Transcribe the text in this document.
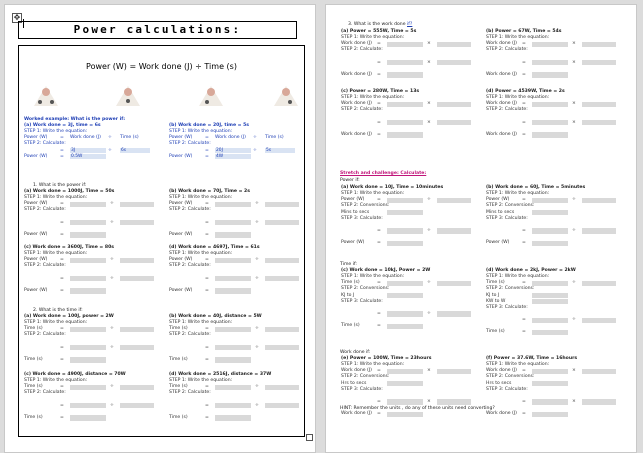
✥
Power calculations:
Power (W) = Work done (J) ÷ Time (s)
Worked example: What is the power if:
(a) Work done = 3J, time = 6s
STEP 1: Write the equation:
Power (W)	= Work done (J) ÷ Time (s)
STEP 2: Calculate:
= 3J	÷ 6s
Power (W)	= 0.5W
(b) Work done = 20J, time = 5s
STEP 1: Write the equation:
Power (W)	= Work done (J) ÷ Time (s)
STEP 2: Calculate:
= 20J	÷ 5s
Power (W)	= 4W
1. What is the power if:
2. What is the time if:
(a) Work done = 1000J, Time = 50s
STEP 1: Write the equation:
Power (W)	=	÷
STEP 2: Calculate:
=	÷
Power (W)	=
(b) Work done = 70J, Time = 2s
STEP 1: Write the equation:
Power (W)	=	÷
STEP 2: Calculate:
=	÷
Power (W)	=
(c) Work done = 3600J, Time = 80s
STEP 1: Write the equation:
Power (W)	=	÷
STEP 2: Calculate:
=	÷
Power (W)	=
(d) Work done = 4697J, Time = 61s
STEP 1: Write the equation:
Power (W)	=	÷
STEP 2: Calculate:
=	÷
Power (W)	=
(a) Work done = 100J, power = 2W
STEP 1: Write the equation:
Time (s)	=	÷
STEP 2: Calculate:
=	÷
Time (s)	=
(b) Work done = 40J, distance = 5W
STEP 1: Write the equation:
Time (s)	=	÷
STEP 2: Calculate:
=	÷
Time (s)	=
(c) Work done = 4900J, distance = 70W
STEP 1: Write the equation:
Time (s)	=	÷
STEP 2: Calculate:
=	÷
Time (s)	=
(d) Work done = 2516J, distance = 37W
STEP 1: Write the equation:
Time (s)	=	÷
STEP 2: Calculate:
=	÷
Time (s)	=
3. What is the work done if?
(a) Power = 555W, Time = 5s
STEP 1: Write the equation:
Work done (J) =	×
STEP 2: Calculate:
=	×
Work done (J) =
(b) Power = 67W, Time = 54s
STEP 1: Write the equation:
Work done (J) =	×
STEP 2: Calculate:
=	×
Work done (J) =
(c) Power = 280W, Time = 13s
STEP 1: Write the equation:
Work done (J) =	×
STEP 2: Calculate:
=	×
Work done (J) =
(d) Power = 4539W, Time = 2s
STEP 1: Write the equation:
Work done (J) =	×
STEP 2: Calculate:
=	×
Work done (J) =
Stretch and challenge: Calculate:
Power if:
(a) Work done = 10J, Time = 10minutes
STEP 1: Write the equation:
Power (W)	=	÷
STEP 2: Conversions:
Mins to secs
STEP 3: Calculate:
=	÷
Power (W)	=
(b) Work done = 60J, Time = 5minutes
STEP 1: Write the equation:
Power (W)	=	÷
STEP 2: Conversions:
Mins to secs
STEP 3: Calculate:
=	÷
Power (W)	=
Time if:
(c) Work done = 10kJ, Power = 2W
STEP 1: Write the equation:
Time (s)	=	÷
STEP 2: Conversions:
KJ to J
STEP 3: Calculate:
=	÷
Time (s)	=
(d) Work done = 2kJ, Power = 2kW
STEP 1: Write the equation:
Time (s)	=	÷
STEP 2: Conversions:
KJ to J
KW to W
STEP 3: Calculate:
=	÷
Time (s)	=
Work done if:
(e) Power = 100W, Time = 23hours
STEP 1: Write the equation:
Work done (J) =	×
STEP 2: Conversions:
Hrs to secs
STEP 3: Calculate:
=	×
Work done (J) =
(f) Power = 37.6W, Time = 16hours
STEP 1: Write the equation:
Work done (J) =	×
STEP 2: Conversions:
Hrs to secs
STEP 3: Calculate:
=	×
Work done (J) =
HINT: Remember the units , do any of these units need converting?
